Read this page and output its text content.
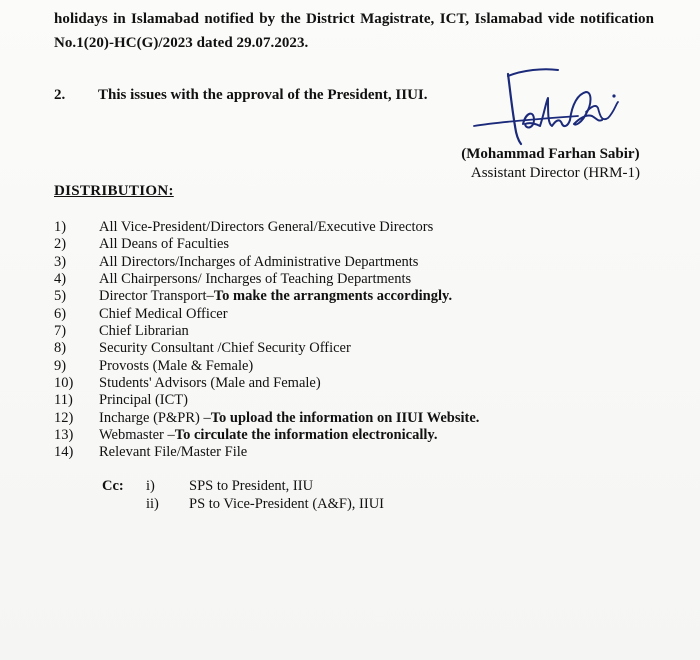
holidays in Islamabad notified by the District Magistrate, ICT, Islamabad vide notification
No.1(20)-HC(G)/2023 dated 29.07.2023.
2. This issues with the approval of the President, IIUI.
(Mohammad Farhan Sabir)
Assistant Director (HRM-1)
DISTRIBUTION:
1)	All Vice-President/Directors General/Executive Directors
2)	All Deans of Faculties
3)	All Directors/Incharges of Administrative Departments
4)	All Chairpersons/ Incharges of Teaching Departments
5)	Director Transport– To make the arrangments accordingly.
6)	Chief Medical Officer
7)	Chief Librarian
8)	Security Consultant /Chief Security Officer
9)	Provosts (Male & Female)
10)	Students' Advisors (Male and Female)
11)	Principal (ICT)
12)	Incharge (P&PR) – To upload the information on IIUI Website.
13)	Webmaster – To circulate the information electronically.
14)	Relevant File/Master File
Cc:	i)	SPS to President, IIU
ii)	PS to Vice-President (A&F), IIUI
